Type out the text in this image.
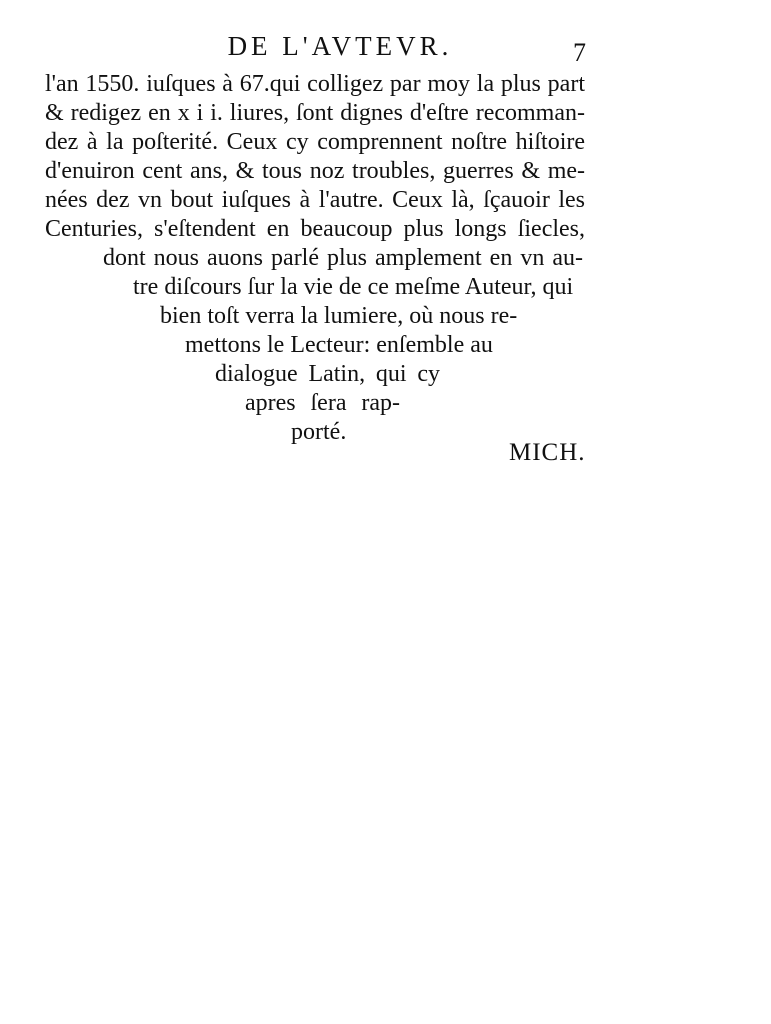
DE L'AVTEVR.	7
l'an 1550. iuſques à 67.qui colligez par moy la plus part
& redigez en x i i. liures, ſont dignes d'eſtre recomman-
dez à la poſterité. Ceux cy comprennent noſtre hiſtoire
d'enuiron cent ans, & tous noz troubles, guerres & me-
nées dez vn bout iuſques à l'autre. Ceux là, ſçauoir les
Centuries, s'eſtendent en beaucoup plus longs ſiecles,
dont nous auons parlé plus amplement en vn au-
tre diſcours ſur la vie de ce meſme Auteur, qui
bien toſt verra la lumiere, où nous re-
mettons le Lecteur: enſemble au
dialogue Latin, qui cy
apres ſera rap-
porté.
MICH.
